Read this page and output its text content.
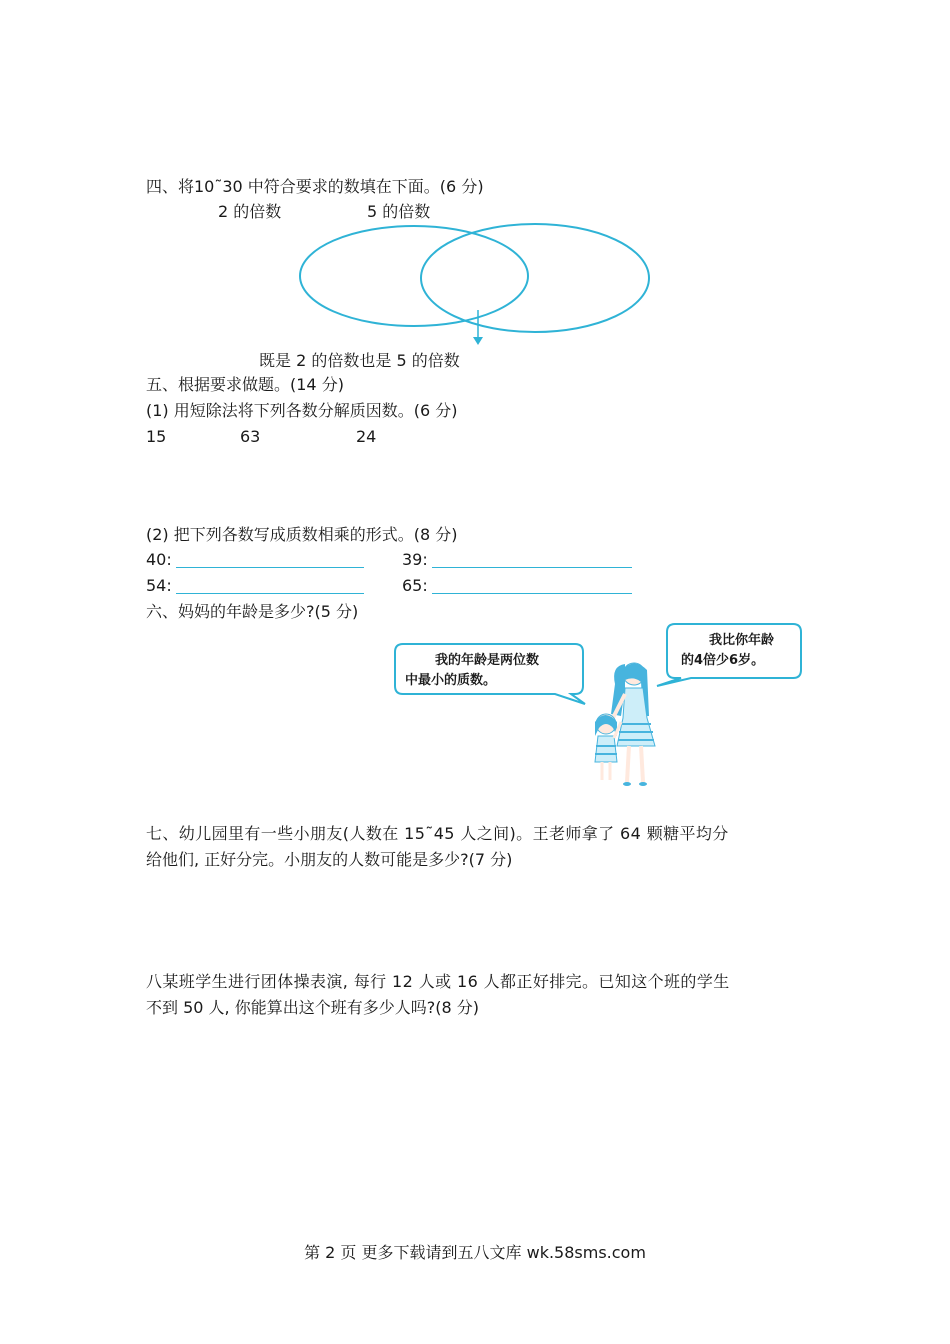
四、将10˜30 中符合要求的数填在下面。(6 分)
2 的倍数	5 的倍数
既是 2 的倍数也是 5 的倍数
五、根据要求做题。(14 分)
(1) 用短除法将下列各数分解质因数。(6 分)
15	63	24
(2) 把下列各数写成质数相乘的形式。(8 分)
40:	39:
54:	65:
六、妈妈的年龄是多少?(5 分)
我的年龄是两位数
中最小的质数。
我比你年龄
的4倍少6岁。
七、幼儿园里有一些小朋友(人数在 15˜45 人之间)。王老师拿了 64 颗糖平均分
给他们, 正好分完。小朋友的人数可能是多少?(7 分)
八某班学生进行团体操表演, 每行 12 人或 16 人都正好排完。已知这个班的学生
不到 50 人, 你能算出这个班有多少人吗?(8 分)
第 2 页 更多下载请到五八文库 wk.58sms.com
